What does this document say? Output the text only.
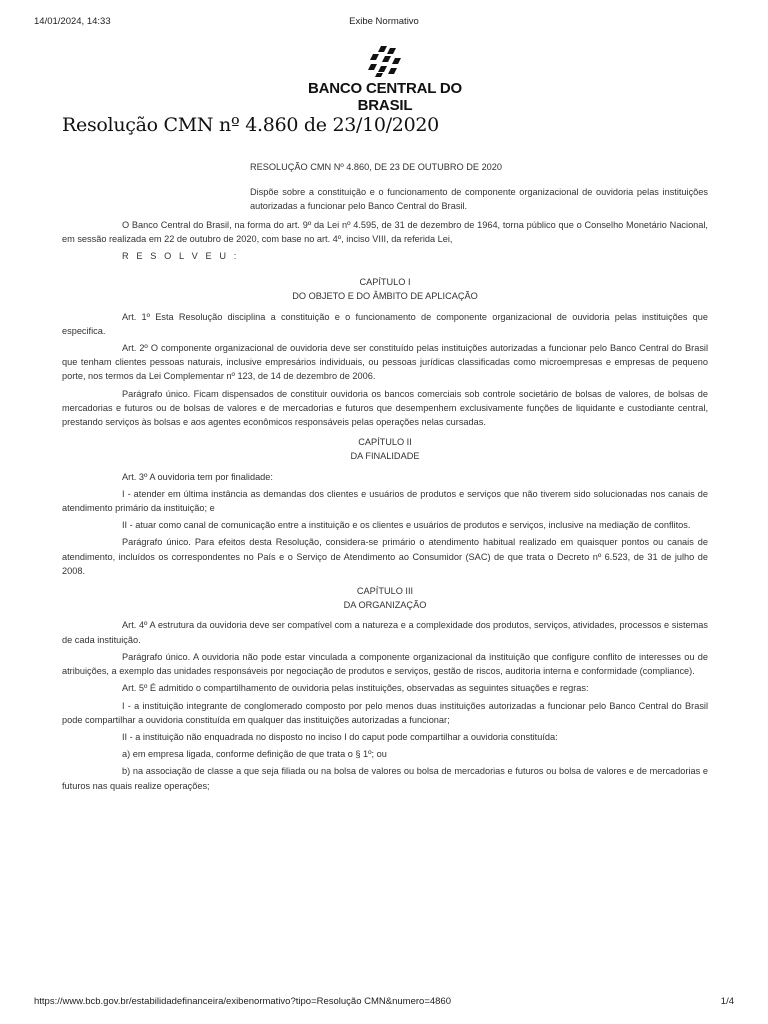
14/01/2024, 14:33	Exibe Normativo
BANCO CENTRAL DO BRASIL
Resolução CMN nº 4.860 de 23/10/2020

RESOLUÇÃO CMN Nº 4.860, DE 23 DE OUTUBRO DE 2020

Dispõe sobre a constituição e o funcionamento de componente organizacional de ouvidoria pelas instituições autorizadas a funcionar pelo Banco Central do Brasil.

O Banco Central do Brasil, na forma do art. 9º da Lei nº 4.595, de 31 de dezembro de 1964, torna público que o Conselho Monetário Nacional, em sessão realizada em 22 de outubro de 2020, com base no art. 4º, inciso VIII, da referida Lei,

R E S O L V E U :

CAPÍTULO I
DO OBJETO E DO ÂMBITO DE APLICAÇÃO

Art. 1º Esta Resolução disciplina a constituição e o funcionamento de componente organizacional de ouvidoria pelas instituições que especifica.

Art. 2º O componente organizacional de ouvidoria deve ser constituído pelas instituições autorizadas a funcionar pelo Banco Central do Brasil que tenham clientes pessoas naturais, inclusive empresários individuais, ou pessoas jurídicas classificadas como microempresas e empresas de pequeno porte, nos termos da Lei Complementar nº 123, de 14 de dezembro de 2006.

Parágrafo único. Ficam dispensados de constituir ouvidoria os bancos comerciais sob controle societário de bolsas de valores, de bolsas de mercadorias e futuros ou de bolsas de valores e de mercadorias e futuros que desempenhem exclusivamente funções de liquidante e custodiante central, prestando serviços às bolsas e aos agentes econômicos responsáveis pelas operações nelas cursadas.

CAPÍTULO II
DA FINALIDADE

Art. 3º A ouvidoria tem por finalidade:

I - atender em última instância as demandas dos clientes e usuários de produtos e serviços que não tiverem sido solucionadas nos canais de atendimento primário da instituição; e

II - atuar como canal de comunicação entre a instituição e os clientes e usuários de produtos e serviços, inclusive na mediação de conflitos.

Parágrafo único. Para efeitos desta Resolução, considera-se primário o atendimento habitual realizado em quaisquer pontos ou canais de atendimento, incluídos os correspondentes no País e o Serviço de Atendimento ao Consumidor (SAC) de que trata o Decreto nº 6.523, de 31 de julho de 2008.

CAPÍTULO III
DA ORGANIZAÇÃO

Art. 4º A estrutura da ouvidoria deve ser compatível com a natureza e a complexidade dos produtos, serviços, atividades, processos e sistemas de cada instituição.

Parágrafo único. A ouvidoria não pode estar vinculada a componente organizacional da instituição que configure conflito de interesses ou de atribuições, a exemplo das unidades responsáveis por negociação de produtos e serviços, gestão de riscos, auditoria interna e conformidade (compliance).

Art. 5º É admitido o compartilhamento de ouvidoria pelas instituições, observadas as seguintes situações e regras:

I - a instituição integrante de conglomerado composto por pelo menos duas instituições autorizadas a funcionar pelo Banco Central do Brasil pode compartilhar a ouvidoria constituída em qualquer das instituições autorizadas a funcionar;

II - a instituição não enquadrada no disposto no inciso I do caput pode compartilhar a ouvidoria constituída:

a) em empresa ligada, conforme definição de que trata o § 1º; ou

b) na associação de classe a que seja filiada ou na bolsa de valores ou bolsa de mercadorias e futuros ou bolsa de valores e de mercadorias e futuros nas quais realize operações;

https://www.bcb.gov.br/estabilidadefinanceira/exibenormativo?tipo=Resolução CMN&numero=4860	1/4
